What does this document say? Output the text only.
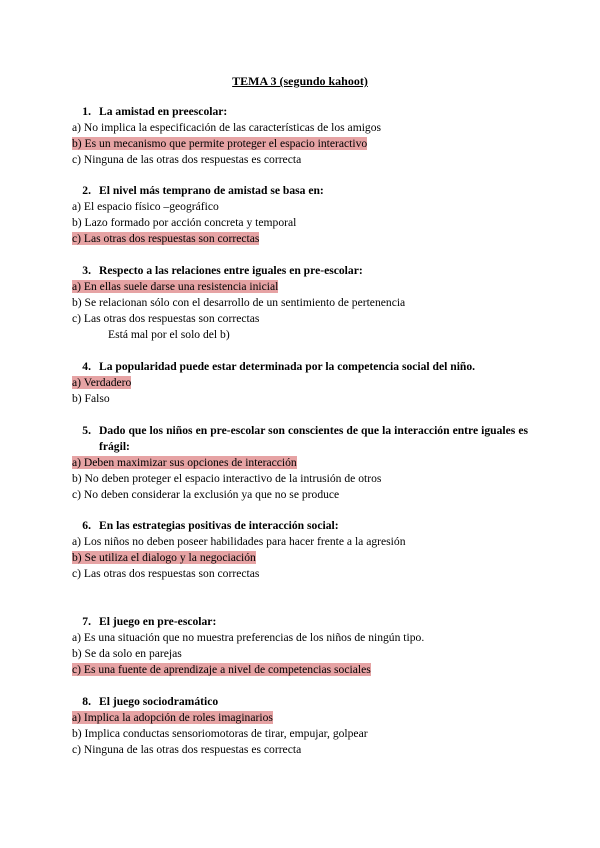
TEMA 3 (segundo kahoot)
1. La amistad en preescolar:
a) No implica la especificación de las características de los amigos
b) Es un mecanismo que permite proteger el espacio interactivo
c) Ninguna de las otras dos respuestas es correcta
2. El nivel más temprano de amistad se basa en:
a) El espacio físico –geográfico
b) Lazo formado por acción concreta y temporal
c) Las otras dos respuestas son correctas
3. Respecto a las relaciones entre iguales en pre-escolar:
a) En ellas suele darse una resistencia inicial
b) Se relacionan sólo con el desarrollo de un sentimiento de pertenencia
c) Las otras dos respuestas son correctas
Está mal por el solo del b)
4. La popularidad puede estar determinada por la competencia social del niño.
a) Verdadero
b) Falso
5. Dado que los niños en pre-escolar son conscientes de que la interacción entre iguales es frágil:
a) Deben maximizar sus opciones de interacción
b) No deben proteger el espacio interactivo de la intrusión de otros
c) No deben considerar la exclusión ya que no se produce
6. En las estrategias positivas de interacción social:
a) Los niños no deben poseer habilidades para hacer frente a la agresión
b) Se utiliza el dialogo y la negociación
c) Las otras dos respuestas son correctas
7. El juego en pre-escolar:
a) Es una situación que no muestra preferencias de los niños de ningún tipo.
b) Se da solo en parejas
c) Es una fuente de aprendizaje a nivel de competencias sociales
8. El juego sociodramático
a) Implica la adopción de roles imaginarios
b) Implica conductas sensoriomotoras de tirar, empujar, golpear
c) Ninguna de las otras dos respuestas es correcta
